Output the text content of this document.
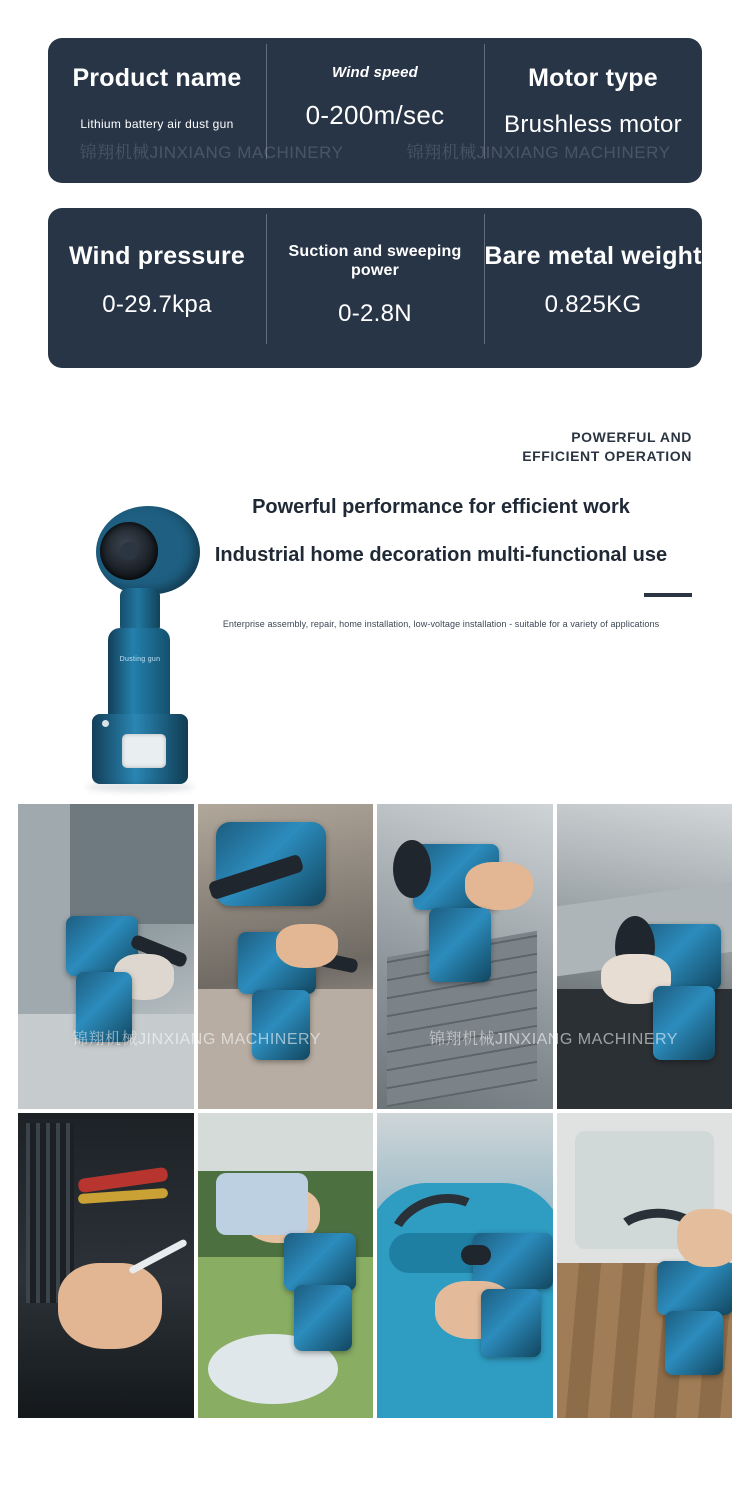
Product name
Lithium battery air dust gun
Wind speed
0-200m/sec
Motor type
Brushless motor
锦翔机械JINXIANG MACHINERY	锦翔机械JINXIANG MACHINERY
Wind pressure
0-29.7kpa
Suction and sweeping power
0-2.8N
Bare metal weight
0.825KG
Dusting gun
POWERFUL AND
EFFICIENT OPERATION
Powerful performance for efficient work
Industrial home decoration multi-functional use
Enterprise assembly, repair, home installation, low-voltage installation - suitable for a variety of applications
锦翔机械JINXIANG MACHINERY	锦翔机械JINXIANG MACHINERY
